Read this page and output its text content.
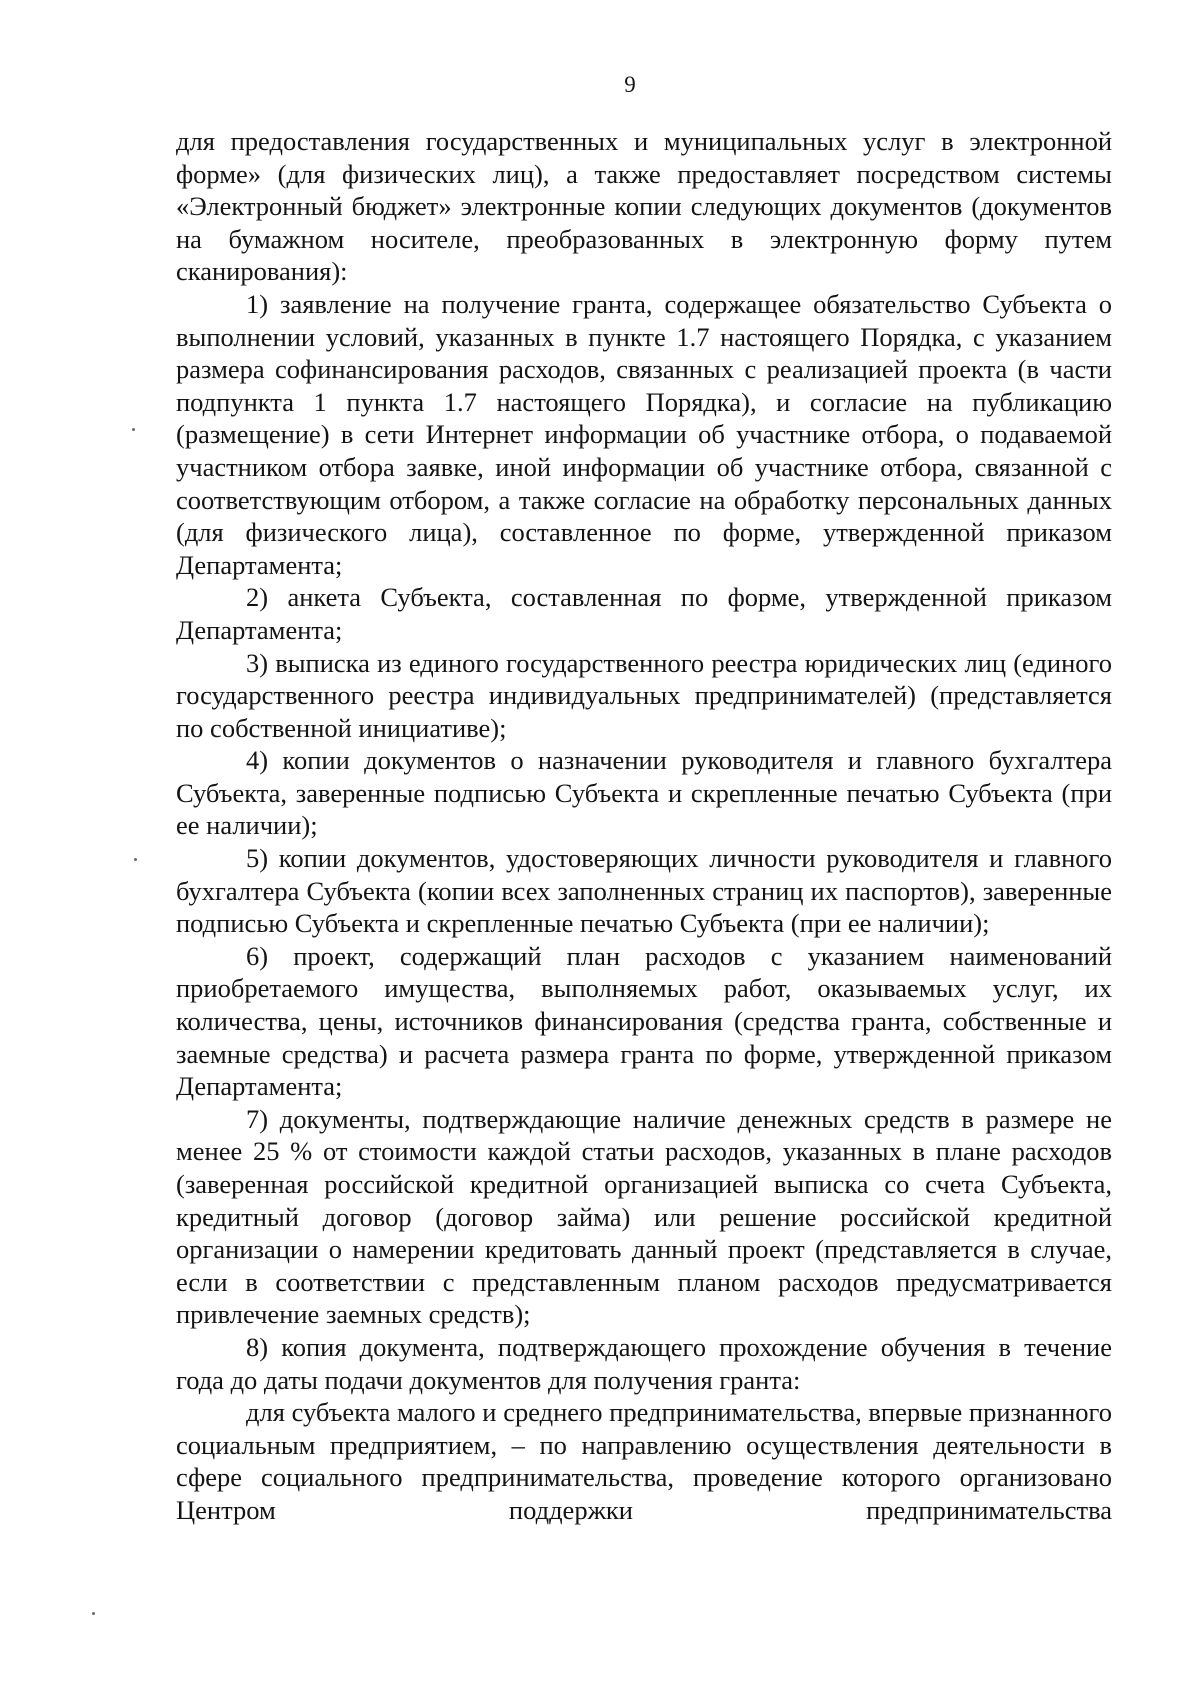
9

для предоставления государственных и муниципальных услуг в электронной форме» (для физических лиц), а также предоставляет посредством системы «Электронный бюджет» электронные копии следующих документов (документов на бумажном носителе, преобразованных в электронную форму путем сканирования):

1) заявление на получение гранта, содержащее обязательство Субъекта о выполнении условий, указанных в пункте 1.7 настоящего Порядка, с указанием размера софинансирования расходов, связанных с реализацией проекта (в части подпункта 1 пункта 1.7 настоящего Порядка), и согласие на публикацию (размещение) в сети Интернет информации об участнике отбора, о подаваемой участником отбора заявке, иной информации об участнике отбора, связанной с соответствующим отбором, а также согласие на обработку персональных данных (для физического лица), составленное по форме, утвержденной приказом Департамента;

2) анкета Субъекта, составленная по форме, утвержденной приказом Департамента;

3) выписка из единого государственного реестра юридических лиц (единого государственного реестра индивидуальных предпринимателей) (представляется по собственной инициативе);

4) копии документов о назначении руководителя и главного бухгалтера Субъекта, заверенные подписью Субъекта и скрепленные печатью Субъекта (при ее наличии);

5) копии документов, удостоверяющих личности руководителя и главного бухгалтера Субъекта (копии всех заполненных страниц их паспортов), заверенные подписью Субъекта и скрепленные печатью Субъекта (при ее наличии);

6) проект, содержащий план расходов с указанием наименований приобретаемого имущества, выполняемых работ, оказываемых услуг, их количества, цены, источников финансирования (средства гранта, собственные и заемные средства) и расчета размера гранта по форме, утвержденной приказом Департамента;

7) документы, подтверждающие наличие денежных средств в размере не менее 25 % от стоимости каждой статьи расходов, указанных в плане расходов (заверенная российской кредитной организацией выписка со счета Субъекта, кредитный договор (договор займа) или решение российской кредитной организации о намерении кредитовать данный проект (представляется в случае, если в соответствии с представленным планом расходов предусматривается привлечение заемных средств);

8) копия документа, подтверждающего прохождение обучения в течение года до даты подачи документов для получения гранта:

для субъекта малого и среднего предпринимательства, впервые признанного социальным предприятием, – по направлению осуществления деятельности в сфере социального предпринимательства, проведение которого организовано Центром поддержки предпринимательства
